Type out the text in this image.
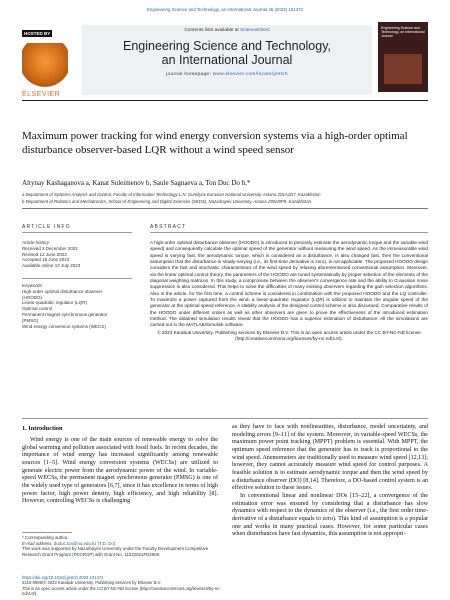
Engineering Science and Technology, an International Journal 45 (2023) 101472
HOSTED BY
ELSEVIER
Contents lists available at ScienceDirect
Engineering Science and Technology,
an International Journal
journal homepage: www.elsevier.com/locate/jestch
Engineering Science and Technology, an International Journal
Maximum power tracking for wind energy conversion systems via a high-order optimal disturbance observer-based LQR without a wind speed sensor
Altynay Kashaganova a, Kanat Suleimenov b, Saule Sagnaeva a, Ton Duc Do b,*
a Department of Systems Analysis and Control, Faculty of Information Technology L.N. Gumilyov Eurasian National University, Astana Z01A1D7, Kazakhstan
b Department of Robotics and Mechatronics, School of Engineering and Digital Sciences (SEDS), Nazarbayev University, Astana Z05H0P9, Kazakhstan
ARTICLE INFO	ABSTRACT
Article history:
Received 2 December 2022
Revised 12 June 2023
Accepted 18 June 2023
Available online 13 July 2023
Keywords:
High-order optimal disturbance observer (HOODO)
Linear-quadratic regulator (LQR)
Optimal control
Permanent magnet synchronous generator (PMSG)
Wind energy conversion systems (WECS)
A high-order optimal disturbance observer (HOODO) is introduced to precisely estimate the aerodynamic torque and the variable wind speed) and consequently calculate the optimal speed of the generator without measuring the wind speed. As the immeasurable wind speed is varying fast, the aerodynamic torque, which is considered as a disturbance, is also changed fast, then the conventional assumption that the disturbance is slowly-varying (i.e., its first-time derivative is zero), is not applicable. The proposed HOODO design considers the fast and stochastic characteristics of the wind speed by relaxing aforementioned conventional assumption. Moreover, via the linear optimal control theory, the parameters of the HOODO are tuned systematically by proper selection of the elements of the diagonal weighting matrices. In this study, a compromise between the observer's convergence rate and the ability to G.aussian noise suppression is also considered. This helps to solve the difficulties of many existing observers regarding the gain selection algorithms. Also in the article, for the first time, a control scheme is considered in combination with the proposed HOODO and the LQ controller. To maximize a power captured from the wind, a linear-quadratic regulator (LQR) is utilized to maintain the angular speed of the generator at the optimal speed reference. A stability analysis of the designed control scheme is also discussed. Comparative results of the HOODO under different orders as well as other observers are given to prove the effectiveness of the introduced estimation method. The obtained simulation results reveal that the HOODO has a superior estimation of disturbance. All the simulations are carried out in the MATLAB/Simulink software.
© 2023 Karabuk University. Publishing services by Elsevier B.V. This is an open access article under the CC BY-NC-ND license (http://creativecommons.org/licenses/by-nc-nd/4.0/).
1. Introduction

Wind energy is one of the main sources of renewable energy to solve the global warming and pollution associated with fossil fuels. In recent decades, the importance of wind energy has increased significantly among renewable sources [1–5]. Wind energy conversion systems (WECSs) are utilized to generate electric power from the aerodynamic power of the wind. In variable-speed WECSs, the permanent magnet synchronous generator (PMSG) is one of the widely used type of generators [6,7], since it has excellence in terms of high power factor, high power density, high efficiency, and high reliability [8]. However, controlling WECSs is challenging

as they have to face with nonlinearities, disturbance, model uncertainty, and modeling errors [9–11] of the system. Moreover, in variable-speed WECSs, the maximum power point tracking (MPPT) problem is essential. With MPPT, the optimum speed reference that the generator has to track is proportional to the wind speed. Anemometers are traditionally used to measure wind speed [12,13]; however, they cannot accurately measure wind speed for control purposes. A feasible solution is to estimate aerodynamic torque and then the wind speed by a disturbance observer (DO) [8,14]. Therefore, a DO-based control system is an effective solution to these issues.

In conventional linear and nonlinear DOs [15–22], a convergence of the estimation error was ensured by considering that a disturbance has slow dynamics with respect to the dynamics of the observer (i.e., the first order time-derivative of a disturbance equals to zero). This kind of assumption is a popular one and works in many practical cases. However, for some particular cases when disturbances have fast dynamics, this assumption is not appropri-

* Corresponding author.
E-mail address: doduc.ton@nu.edu.kz (T.D. Do).
This work was supported by Nazarbayev University under the Faculty Development Competitive Research Grant Program (FDCRGP) with Grant No. 11022021FD2906.
https://doi.org/10.1016/j.jestch.2023.101472
2215-0986/© 2023 Karabuk University. Publishing services by Elsevier B.V.
This is an open access article under the CC BY-NC-ND license (http://creativecommons.org/licenses/by-nc-nd/4.0/).
